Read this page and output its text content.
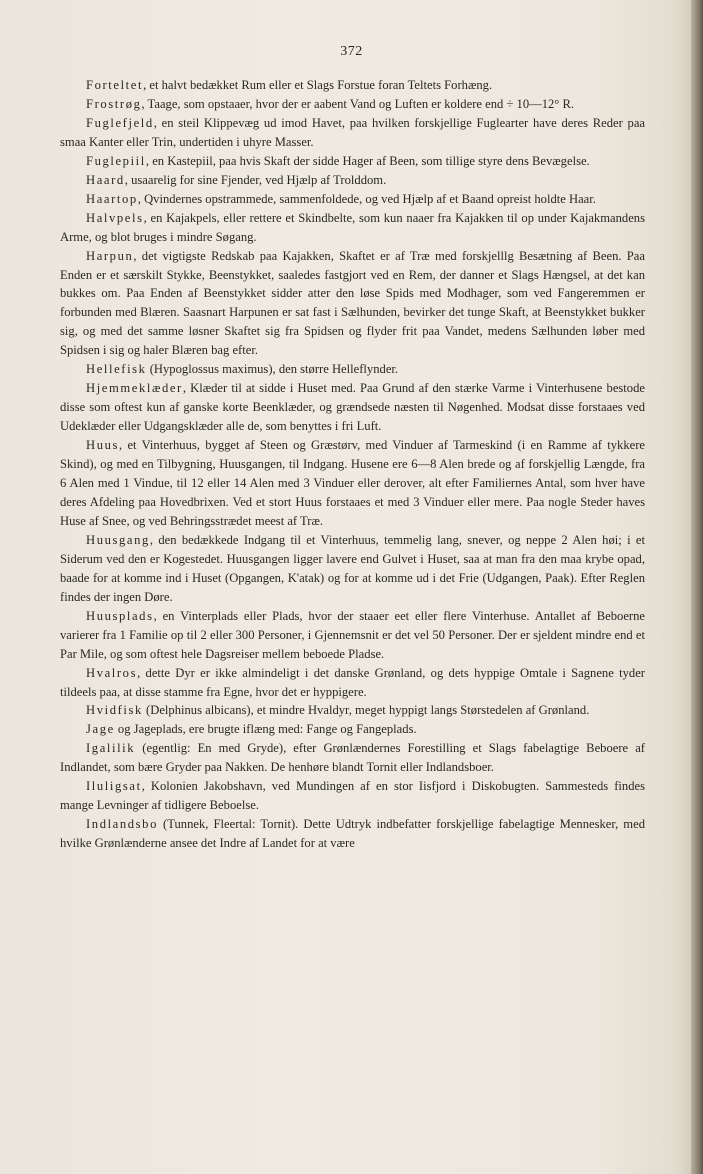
372

Forteltet, et halvt bedækket Rum eller et Slags Forstue foran Teltets Forhæng.

Frostrøg, Taage, som opstaaer, hvor der er aabent Vand og Luften er koldere end ÷ 10—12° R.

Fuglefjeld, en steil Klippevæg ud imod Havet, paa hvilken forskjellige Fuglearter have deres Reder paa smaa Kanter eller Trin, undertiden i uhyre Masser.

Fuglepiil, en Kastepiil, paa hvis Skaft der sidde Hager af Been, som tillige styre dens Bevægelse.

Haard, usaarelig for sine Fjender, ved Hjælp af Trolddom.

Haartop, Qvindernes opstrammede, sammenfoldede, og ved Hjælp af et Baand opreist holdte Haar.

Halvpels, en Kajakpels, eller rettere et Skindbelte, som kun naaer fra Kajakken til op under Kajakmandens Arme, og blot bruges i mindre Søgang.

Harpun, det vigtigste Redskab paa Kajakken, Skaftet er af Træ med forskjelllg Besætning af Been. Paa Enden er et særskilt Stykke, Beenstykket, saaledes fastgjort ved en Rem, der danner et Slags Hængsel, at det kan bukkes om. Paa Enden af Beenstykket sidder atter den løse Spids med Modhager, som ved Fangeremmen er forbunden med Blæren. Saasnart Harpunen er sat fast i Sælhunden, bevirker det tunge Skaft, at Beenstykket bukker sig, og med det samme løsner Skaftet sig fra Spidsen og flyder frit paa Vandet, medens Sælhunden løber med Spidsen i sig og haler Blæren bag efter.

Hellefisk (Hypoglossus maximus), den større Helleflynder.

Hjemmeklæder, Klæder til at sidde i Huset med. Paa Grund af den stærke Varme i Vinterhusene bestode disse som oftest kun af ganske korte Beenklæder, og grændsede næsten til Nøgenhed. Modsat disse forstaaes ved Udeklæder eller Udgangsklæder alle de, som benyttes i fri Luft.

Huus, et Vinterhuus, bygget af Steen og Græstørv, med Vinduer af Tarmeskind (i en Ramme af tykkere Skind), og med en Tilbygning, Huusgangen, til Indgang. Husene ere 6—8 Alen brede og af forskjellig Længde, fra 6 Alen med 1 Vindue, til 12 eller 14 Alen med 3 Vinduer eller derover, alt efter Familiernes Antal, som hver have deres Afdeling paa Hovedbrixen. Ved et stort Huus forstaaes et med 3 Vinduer eller mere. Paa nogle Steder haves Huse af Snee, og ved Behringsstrædet meest af Træ.

Huusgang, den bedækkede Indgang til et Vinterhuus, temmelig lang, snever, og neppe 2 Alen høi; i et Siderum ved den er Kogestedet. Huusgangen ligger lavere end Gulvet i Huset, saa at man fra den maa krybe opad, baade for at komme ind i Huset (Opgangen, K'atak) og for at komme ud i det Frie (Udgangen, Paak). Efter Reglen findes der ingen Døre.

Huusplads, en Vinterplads eller Plads, hvor der staaer eet eller flere Vinterhuse. Antallet af Beboerne varierer fra 1 Familie op til 2 eller 300 Personer, i Gjennemsnit er det vel 50 Personer. Der er sjeldent mindre end et Par Mile, og som oftest hele Dagsreiser mellem beboede Pladse.

Hvalros, dette Dyr er ikke almindeligt i det danske Grønland, og dets hyppige Omtale i Sagnene tyder tildeels paa, at disse stamme fra Egne, hvor det er hyppigere.

Hvidfisk (Delphinus albicans), et mindre Hvaldyr, meget hyppigt langs Størstedelen af Grønland.

Jage og Jageplads, ere brugte iflæng med: Fange og Fangeplads.

Igalilik (egentlig: En med Gryde), efter Grønlændernes Forestilling et Slags fabelagtige Beboere af Indlandet, som bære Gryder paa Nakken. De henhøre blandt Tornit eller Indlandsboer.

Iluligsat, Kolonien Jakobshavn, ved Mundingen af en stor Iisfjord i Diskobugten. Sammesteds findes mange Levninger af tidligere Beboelse.

Indlandsbo (Tunnek, Fleertal: Tornit). Dette Udtryk indbefatter forskjellige fabelagtige Mennesker, med hvilke Grønlænderne ansee det Indre af Landet for at være
